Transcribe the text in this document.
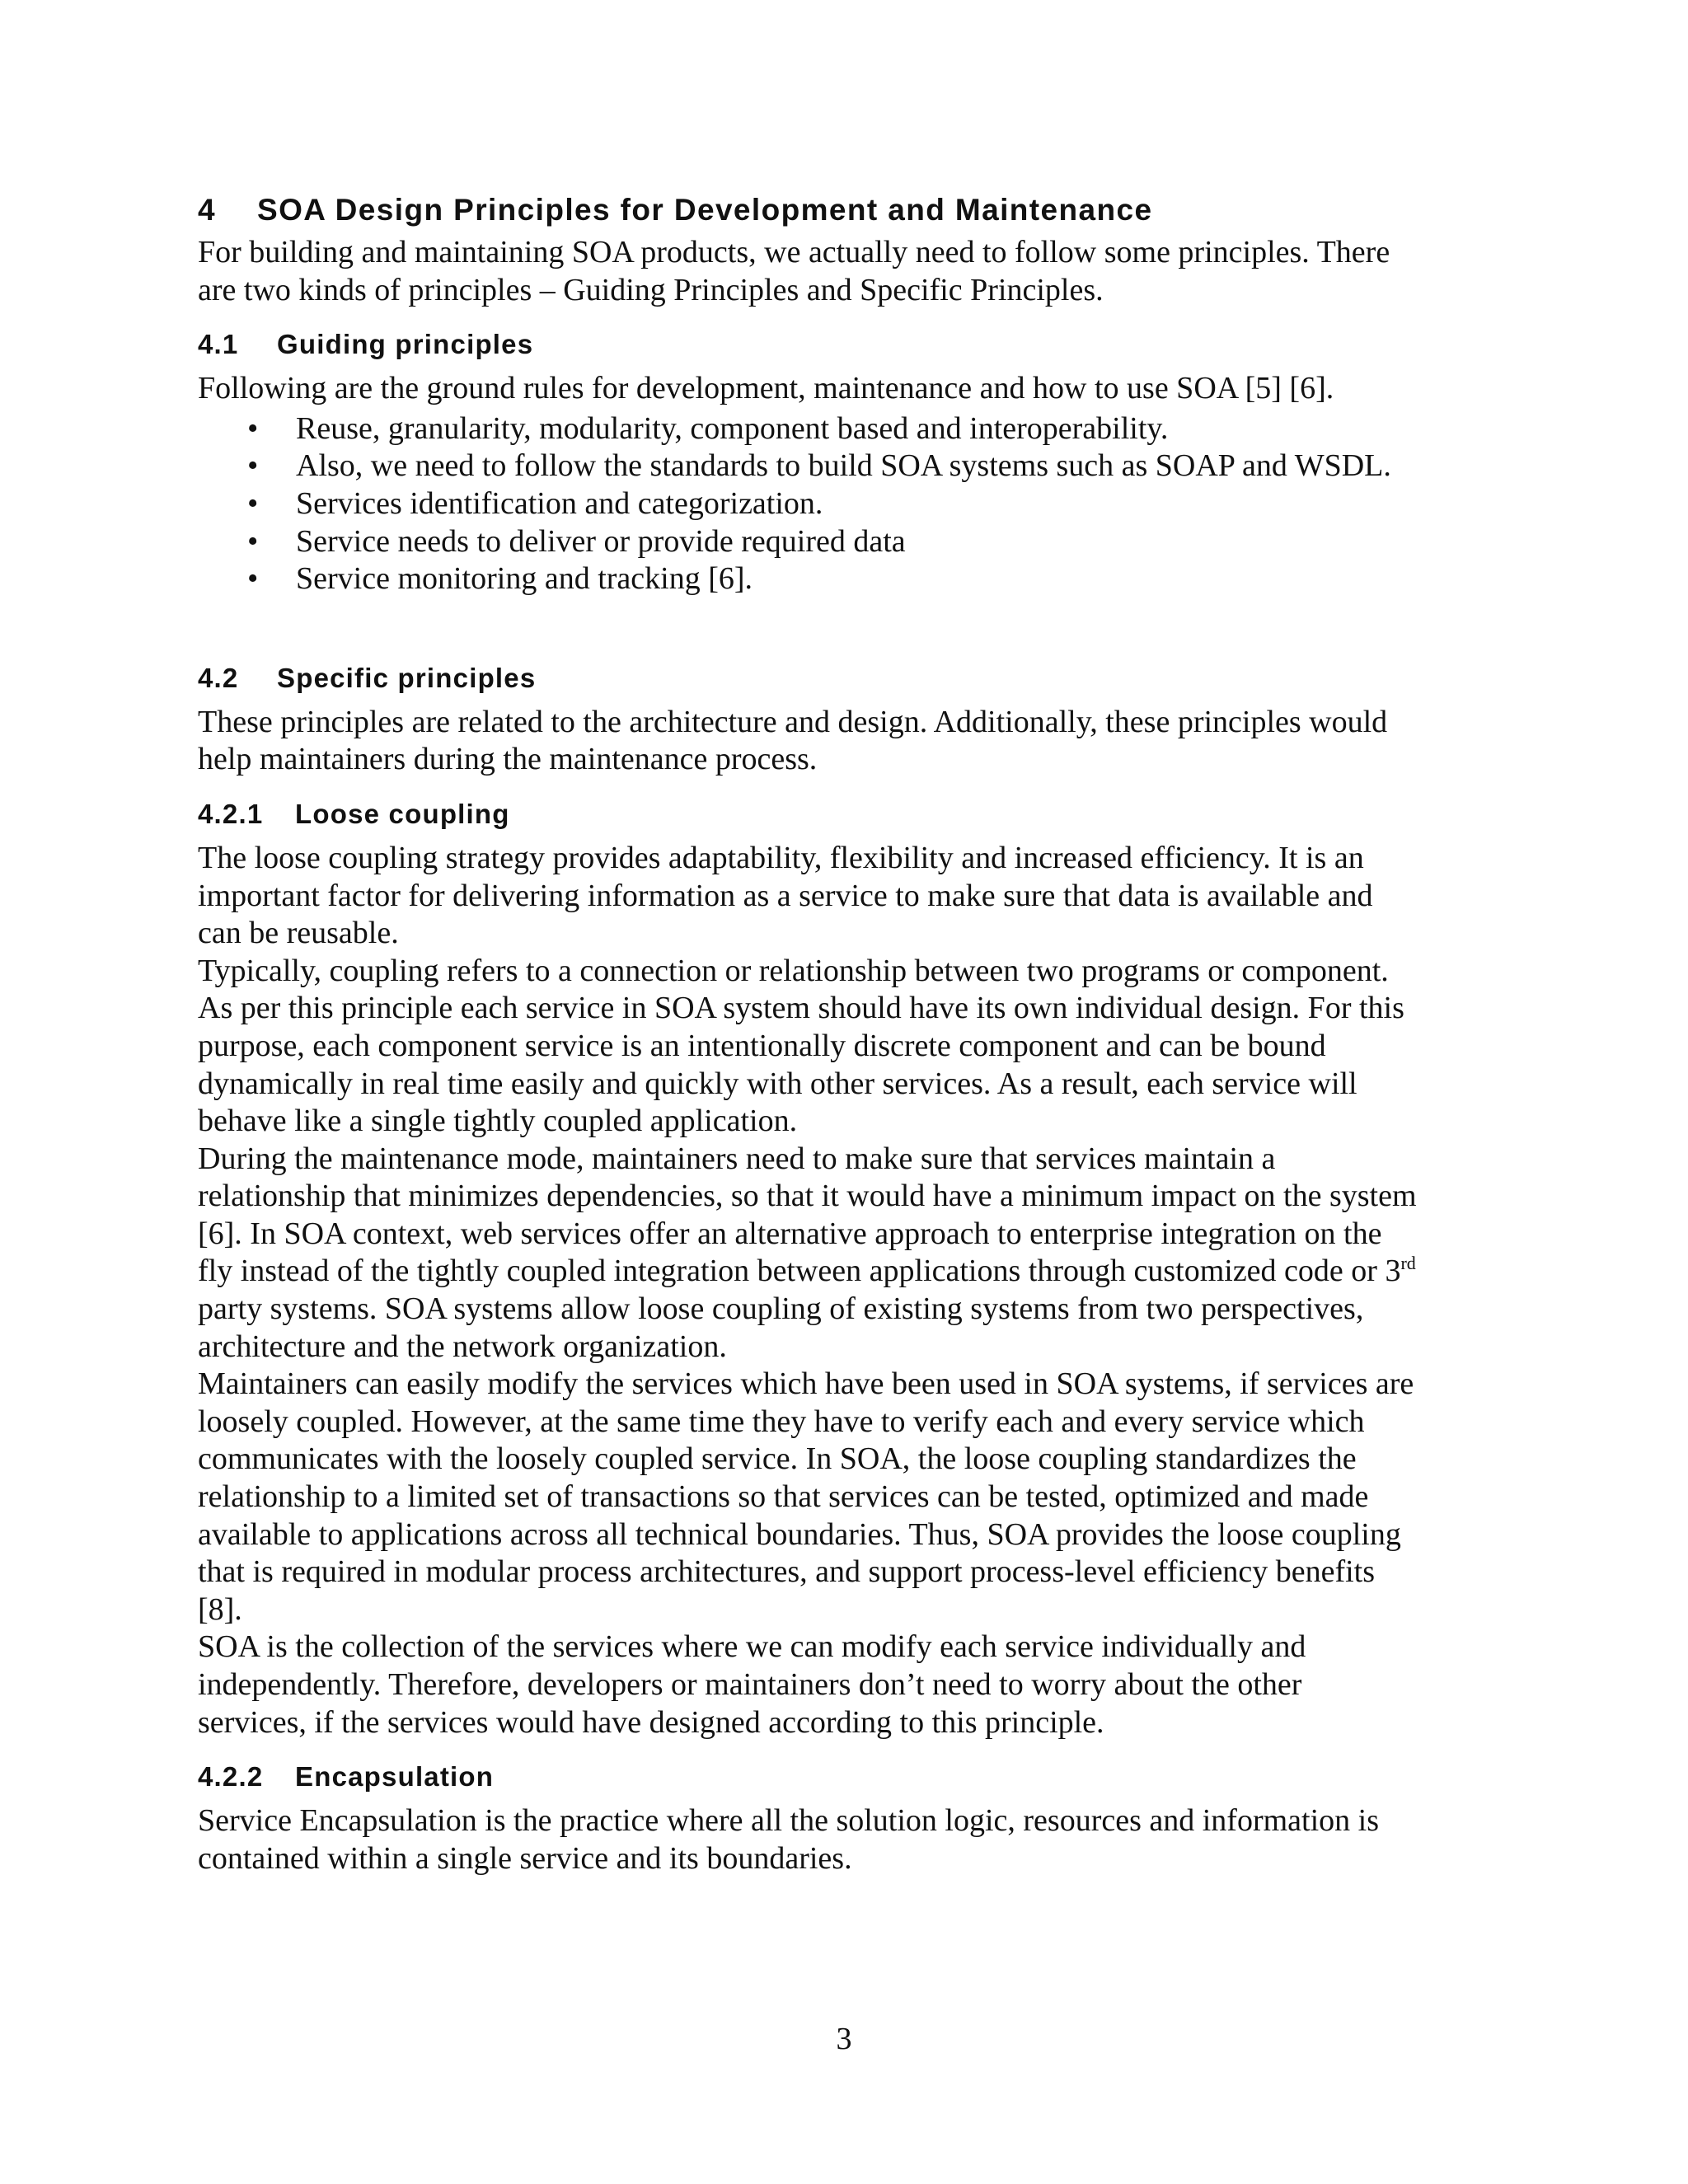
4 SOA Design Principles for Development and Maintenance

For building and maintaining SOA products, we actually need to follow some principles. There
are two kinds of principles – Guiding Principles and Specific Principles.

4.1 Guiding principles

Following are the ground rules for development, maintenance and how to use SOA [5] [6].

• Reuse, granularity, modularity, component based and interoperability.
• Also, we need to follow the standards to build SOA systems such as SOAP and WSDL.
• Services identification and categorization.
• Service needs to deliver or provide required data
• Service monitoring and tracking [6].
4.2 Specific principles

These principles are related to the architecture and design. Additionally, these principles would
help maintainers during the maintenance process.

4.2.1 Loose coupling

The loose coupling strategy provides adaptability, flexibility and increased efficiency. It is an
important factor for delivering information as a service to make sure that data is available and
can be reusable.

Typically, coupling refers to a connection or relationship between two programs or component.
As per this principle each service in SOA system should have its own individual design. For this
purpose, each component service is an intentionally discrete component and can be bound
dynamically in real time easily and quickly with other services. As a result, each service will
behave like a single tightly coupled application.

During the maintenance mode, maintainers need to make sure that services maintain a
relationship that minimizes dependencies, so that it would have a minimum impact on the system
[6]. In SOA context, web services offer an alternative approach to enterprise integration on the
fly instead of the tightly coupled integration between applications through customized code or 3rd
party systems. SOA systems allow loose coupling of existing systems from two perspectives,
architecture and the network organization.

Maintainers can easily modify the services which have been used in SOA systems, if services are
loosely coupled. However, at the same time they have to verify each and every service which
communicates with the loosely coupled service. In SOA, the loose coupling standardizes the
relationship to a limited set of transactions so that services can be tested, optimized and made
available to applications across all technical boundaries. Thus, SOA provides the loose coupling
that is required in modular process architectures, and support process-level efficiency benefits
[8].

SOA is the collection of the services where we can modify each service individually and
independently. Therefore, developers or maintainers don’t need to worry about the other
services, if the services would have designed according to this principle.

4.2.2 Encapsulation

Service Encapsulation is the practice where all the solution logic, resources and information is
contained within a single service and its boundaries.

3
